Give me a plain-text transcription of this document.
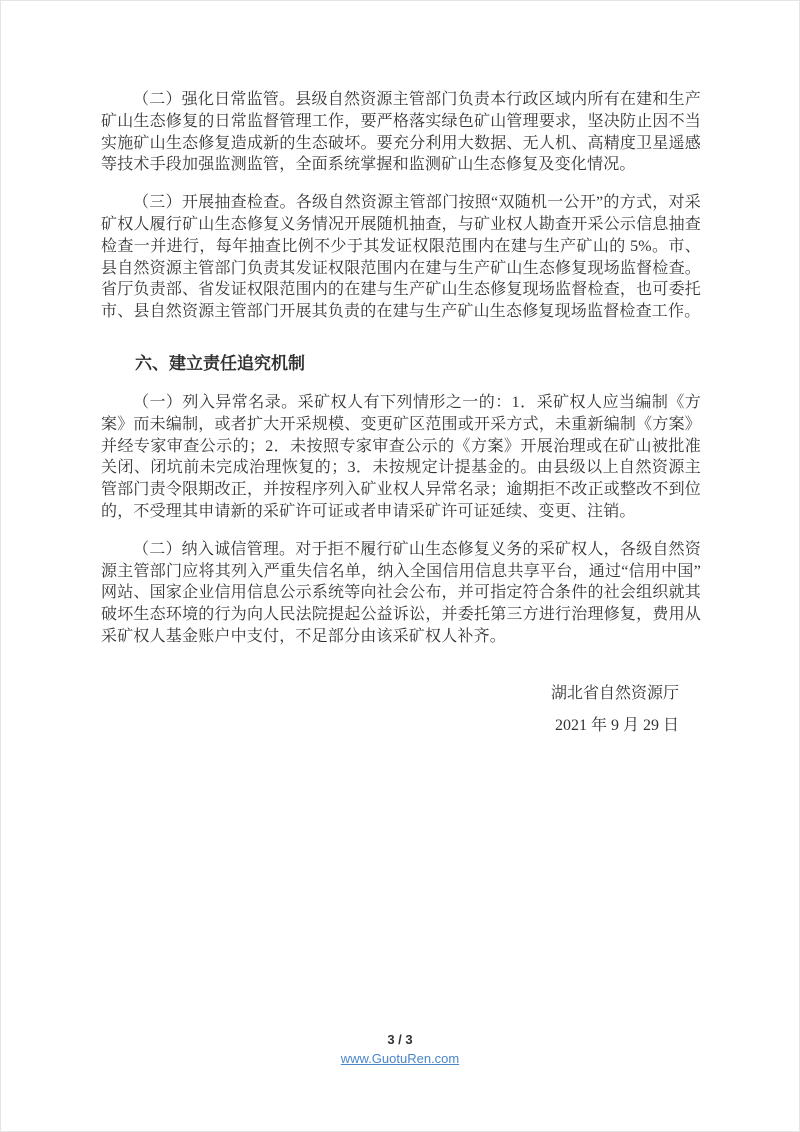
（二）强化日常监管。县级自然资源主管部门负责本行政区域内所有在建和生产矿山生态修复的日常监督管理工作，要严格落实绿色矿山管理要求，坚决防止因不当实施矿山生态修复造成新的生态破坏。要充分利用大数据、无人机、高精度卫星遥感等技术手段加强监测监管，全面系统掌握和监测矿山生态修复及变化情况。

（三）开展抽查检查。各级自然资源主管部门按照“双随机一公开”的方式，对采矿权人履行矿山生态修复义务情况开展随机抽查，与矿业权人勘查开采公示信息抽查检查一并进行，每年抽查比例不少于其发证权限范围内在建与生产矿山的 5%。市、县自然资源主管部门负责其发证权限范围内在建与生产矿山生态修复现场监督检查。省厅负责部、省发证权限范围内的在建与生产矿山生态修复现场监督检查，也可委托市、县自然资源主管部门开展其负责的在建与生产矿山生态修复现场监督检查工作。

六、建立责任追究机制

（一）列入异常名录。采矿权人有下列情形之一的：1．采矿权人应当编制《方案》而未编制，或者扩大开采规模、变更矿区范围或开采方式，未重新编制《方案》并经专家审查公示的；2．未按照专家审查公示的《方案》开展治理或在矿山被批准关闭、闭坑前未完成治理恢复的；3．未按规定计提基金的。由县级以上自然资源主管部门责令限期改正，并按程序列入矿业权人异常名录；逾期拒不改正或整改不到位的，不受理其申请新的采矿许可证或者申请采矿许可证延续、变更、注销。

（二）纳入诚信管理。对于拒不履行矿山生态修复义务的采矿权人，各级自然资源主管部门应将其列入严重失信名单，纳入全国信用信息共享平台，通过“信用中国”网站、国家企业信用信息公示系统等向社会公布，并可指定符合条件的社会组织就其破坏生态环境的行为向人民法院提起公益诉讼，并委托第三方进行治理修复，费用从采矿权人基金账户中支付，不足部分由该采矿权人补齐。

湖北省自然资源厅

2021 年 9 月 29 日

3 / 3

www.GuotuRen.com
